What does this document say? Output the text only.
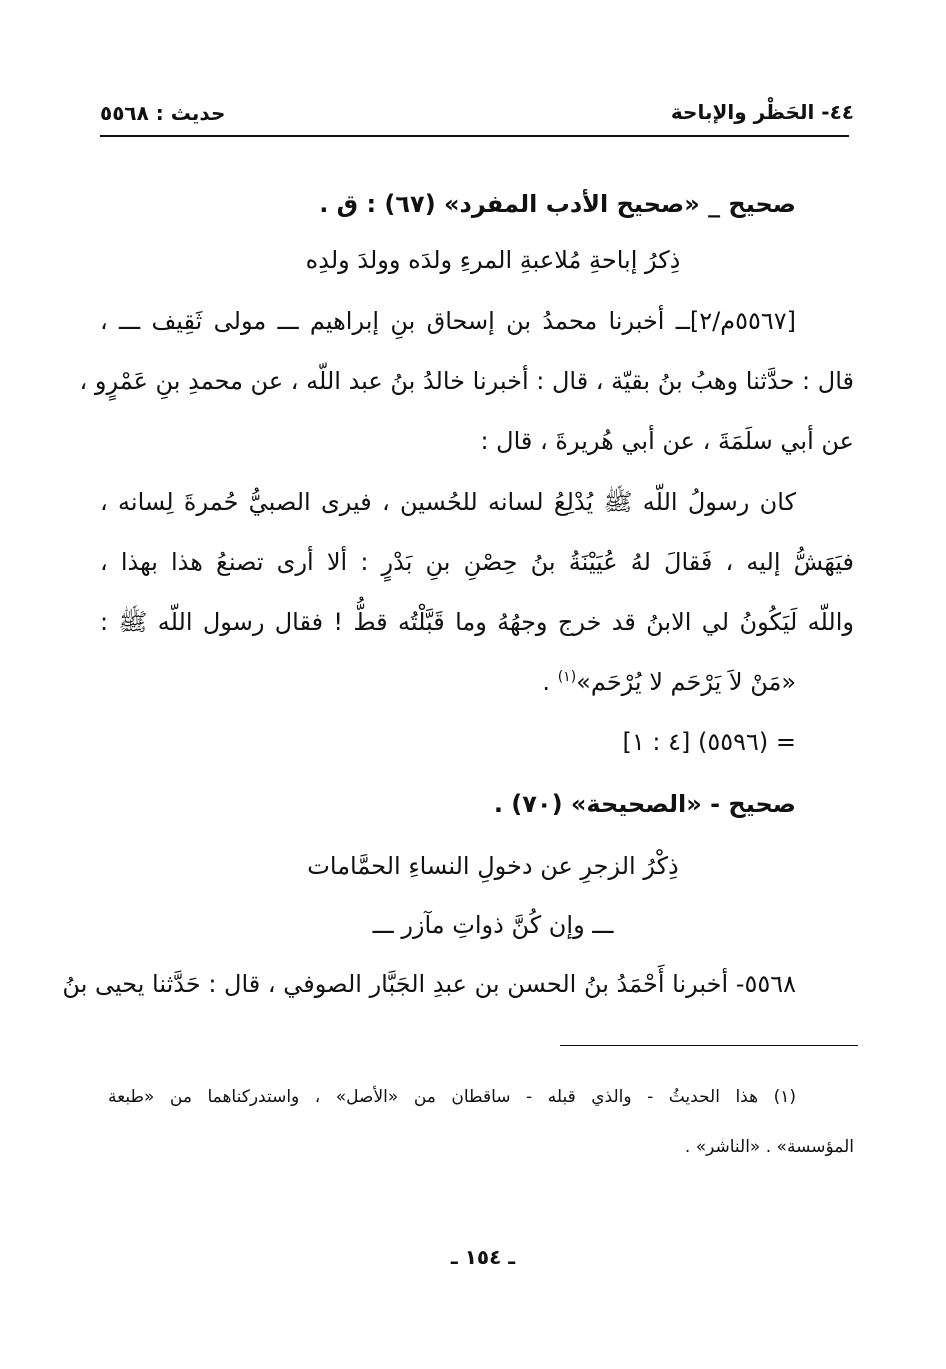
٤٤- الحَظْر والإباحة
حديث : ٥٥٦٨
صحيح _ «صحيح الأدب المفرد» (٦٧) : ق .
ذِكرُ إباحةِ مُلاعبةِ المرءِ ولدَه وولدَ ولدِه
[٥٥٦٧م/٢]ــ أخبرنا محمدُ بن إسحاق بنِ إبراهيم ـــ مولى ثَقِيف ـــ ،
قال : حدَّثنا وهبُ بنُ بقيّة ، قال : أخبرنا خالدُ بنُ عبد اللّه ، عن محمدِ بنِ عَمْرٍو ،
عن أبي سلَمَةَ ، عن أبي هُريرةَ ، قال :
كان رسولُ اللّه ﷺ يُدْلِعُ لسانه للحُسين ، فيرى الصبيُّ حُمرةَ لِسانه ،
فيَهَشُّ إليه ، فَقالَ لهُ عُيَيْنَةُ بنُ حِصْنِ بنِ بَدْرٍ : ألا أرى تصنعُ هذا بهذا ،
واللّه لَيَكُونُ لي الابنُ قد خرج وجهُهُ وما قَبَّلْتُه قطُّ ! فقال رسول اللّه ﷺ :
«مَنْ لاَ يَرْحَم لا يُرْحَم»$^{(١)}$ .
= (٥٥٩٦) [٤ : ١]
صحيح - «الصحيحة» (٧٠) .
ذِكْرُ الزجرِ عن دخولِ النساءِ الحمَّامات
ـــ وإن كُنَّ ذواتِ مآزر ـــ
٥٥٦٨- أخبرنا أَحْمَدُ بنُ الحسن بن عبدِ الجَبَّار الصوفي ، قال : حَدَّثنا يحيى بنُ
(١) هذا الحديثُ - والذي قبله - ساقطان من «الأصل» ، واستدركناهما من «طبعة
المؤسسة» . «الناشر» .
ـ ١٥٤ ـ
